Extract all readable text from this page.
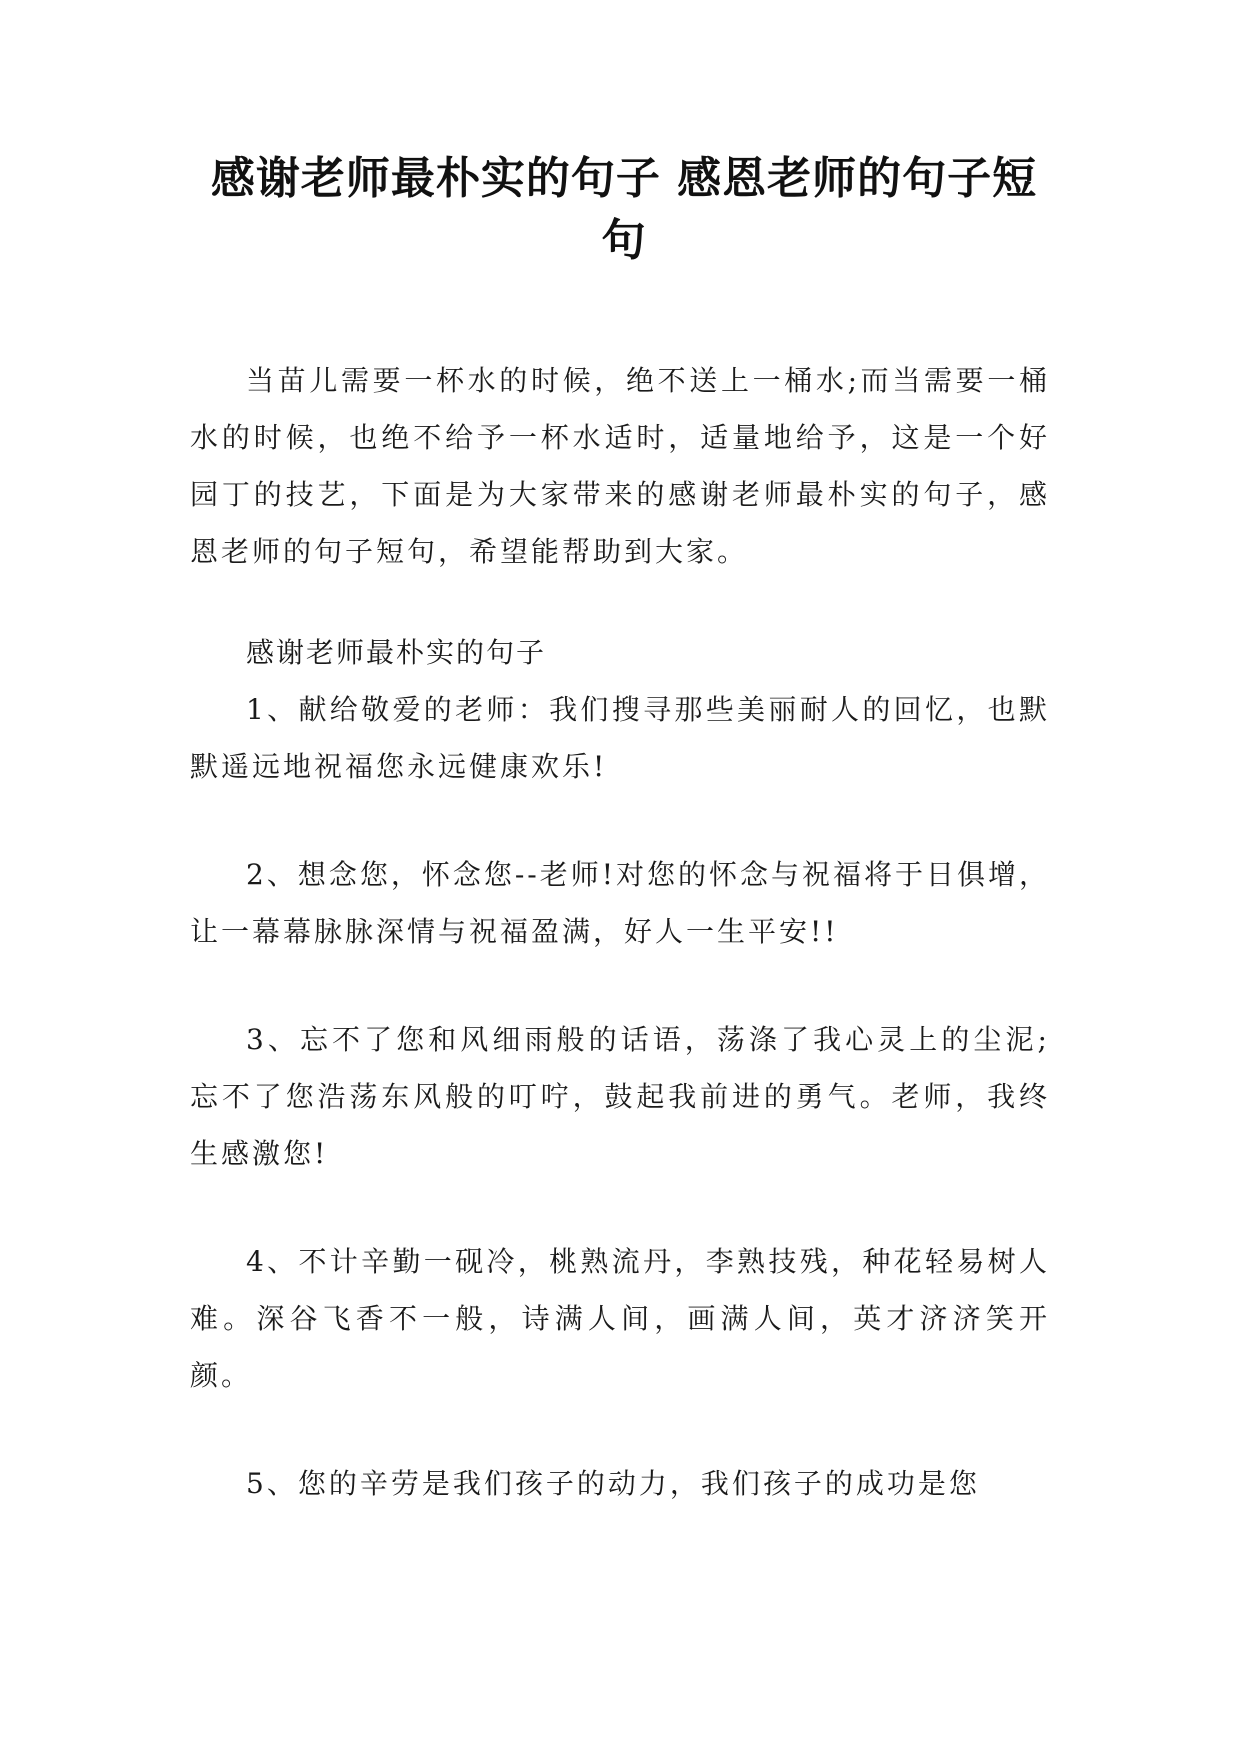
感谢老师最朴实的句子 感恩老师的句子短句

当苗儿需要一杯水的时候，绝不送上一桶水;而当需要一桶水的时候，也绝不给予一杯水适时，适量地给予，这是一个好园丁的技艺，下面是为大家带来的感谢老师最朴实的句子，感恩老师的句子短句，希望能帮助到大家。

感谢老师最朴实的句子

1、献给敬爱的老师：我们搜寻那些美丽耐人的回忆，也默默遥远地祝福您永远健康欢乐!

2、想念您，怀念您--老师!对您的怀念与祝福将于日俱增，让一幕幕脉脉深情与祝福盈满，好人一生平安!!

3、忘不了您和风细雨般的话语，荡涤了我心灵上的尘泥;忘不了您浩荡东风般的叮咛，鼓起我前进的勇气。老师，我终生感激您!

4、不计辛勤一砚冷，桃熟流丹，李熟技残，种花轻易树人难。深谷飞香不一般，诗满人间，画满人间，英才济济笑开颜。

5、您的辛劳是我们孩子的动力，我们孩子的成功是您
